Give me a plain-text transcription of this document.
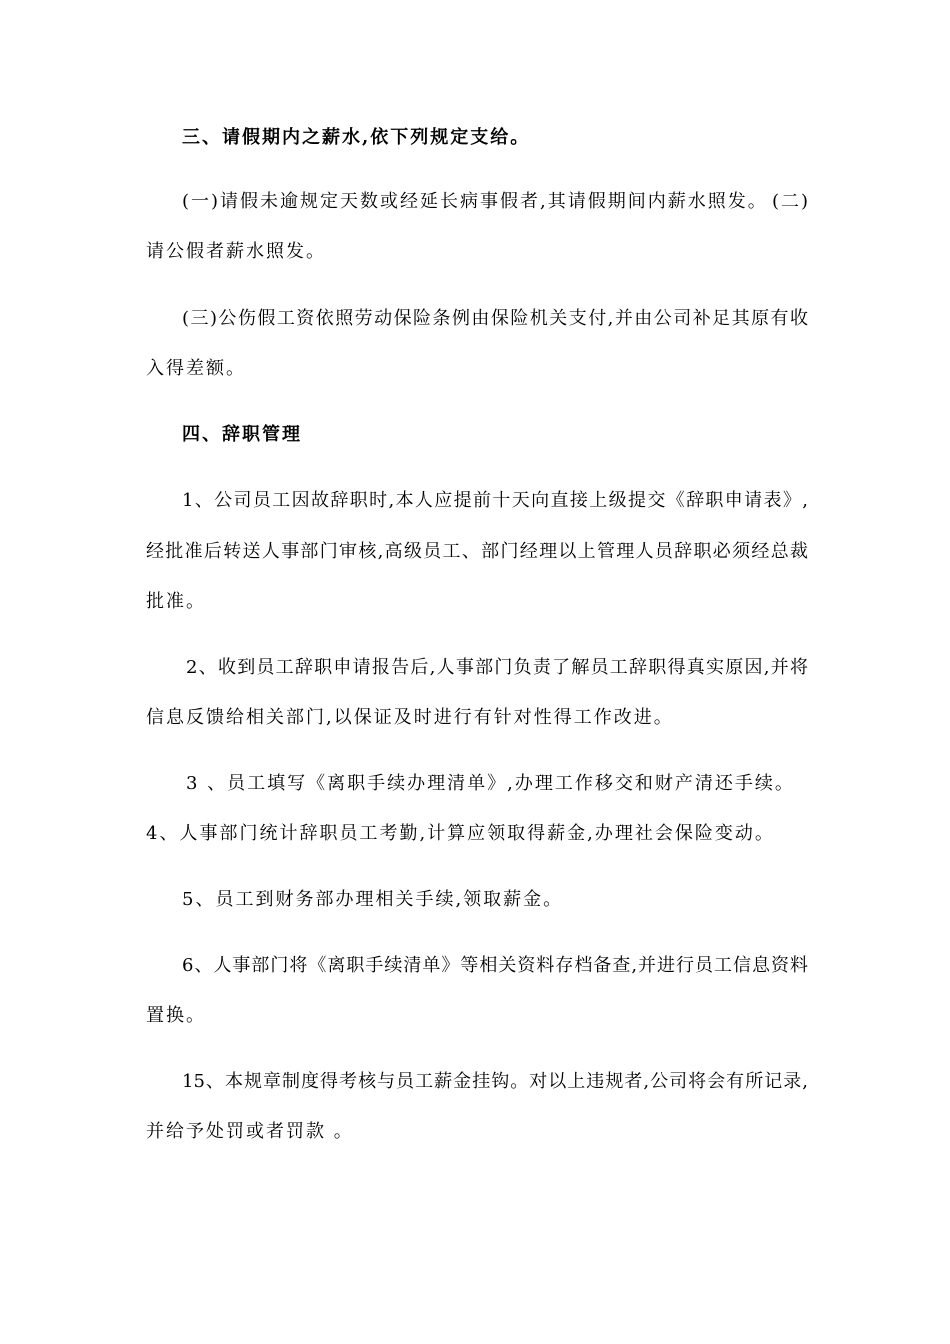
三、请假期内之薪水,依下列规定支给。
(一)请假未逾规定天数或经延长病事假者,其请假期间内薪水照发。 (二)
请公假者薪水照发。
(三)公伤假工资依照劳动保险条例由保险机关支付,并由公司补足其原有收
入得差额。
四、辞职管理
1、公司员工因故辞职时,本人应提前十天向直接上级提交《辞职申请表》,
经批准后转送人事部门审核,高级员工、部门经理以上管理人员辞职必须经总裁
批准。
2、收到员工辞职申请报告后,人事部门负责了解员工辞职得真实原因,并将
信息反馈给相关部门,以保证及时进行有针对性得工作改进。
3 、员工填写《离职手续办理清单》,办理工作移交和财产清还手续。
4、人事部门统计辞职员工考勤,计算应领取得薪金,办理社会保险变动。
5、员工到财务部办理相关手续,领取薪金。
6、人事部门将《离职手续清单》等相关资料存档备查,并进行员工信息资料
置换。
15、本规章制度得考核与员工薪金挂钩。对以上违规者,公司将会有所记录,
并给予处罚或者罚款 。
